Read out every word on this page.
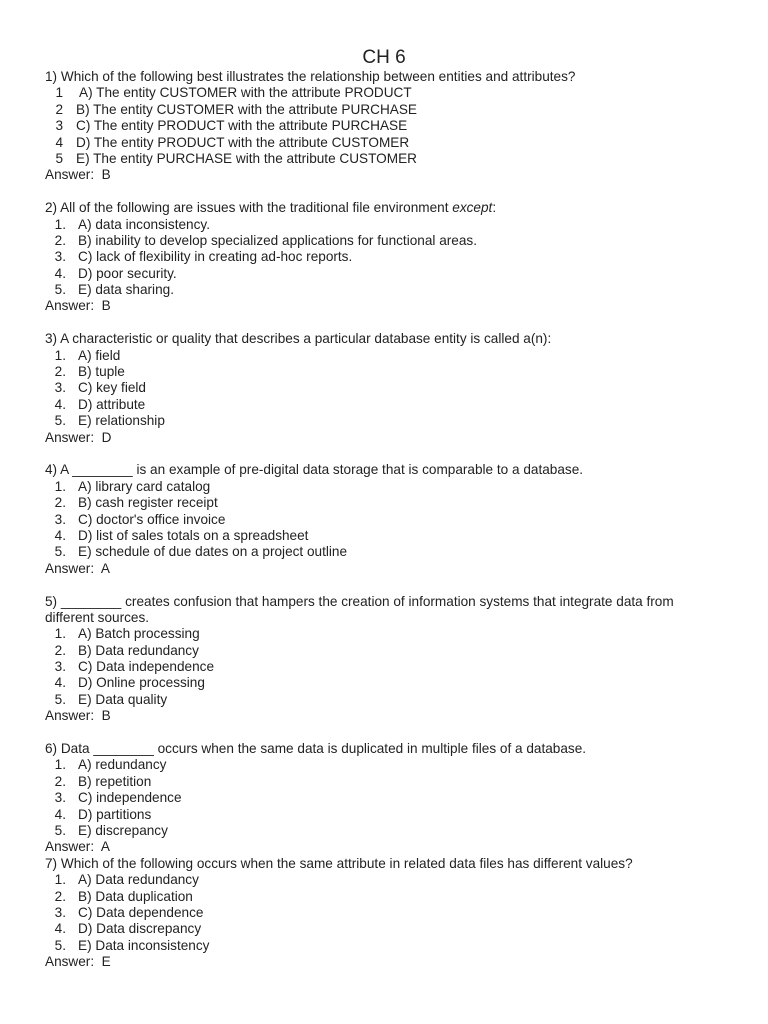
CH 6
1) Which of the following best illustrates the relationship between entities and attributes?
1 A) The entity CUSTOMER with the attribute PRODUCT
2 B) The entity CUSTOMER with the attribute PURCHASE
3 C) The entity PRODUCT with the attribute PURCHASE
4 D) The entity PRODUCT with the attribute CUSTOMER
5 E) The entity PURCHASE with the attribute CUSTOMER
Answer:  B
2) All of the following are issues with the traditional file environment except:
1. A) data inconsistency.
2. B) inability to develop specialized applications for functional areas.
3. C) lack of flexibility in creating ad-hoc reports.
4. D) poor security.
5. E) data sharing.
Answer:  B
3) A characteristic or quality that describes a particular database entity is called a(n):
1. A) field
2. B) tuple
3. C) key field
4. D) attribute
5. E) relationship
Answer:  D
4) A ________ is an example of pre-digital data storage that is comparable to a database.
1. A) library card catalog
2. B) cash register receipt
3. C) doctor's office invoice
4. D) list of sales totals on a spreadsheet
5. E) schedule of due dates on a project outline
Answer:  A
5) ________ creates confusion that hampers the creation of information systems that integrate data from different sources.
1. A) Batch processing
2. B) Data redundancy
3. C) Data independence
4. D) Online processing
5. E) Data quality
Answer:  B
6) Data ________ occurs when the same data is duplicated in multiple files of a database.
1. A) redundancy
2. B) repetition
3. C) independence
4. D) partitions
5. E) discrepancy
Answer:  A
7) Which of the following occurs when the same attribute in related data files has different values?
1. A) Data redundancy
2. B) Data duplication
3. C) Data dependence
4. D) Data discrepancy
5. E) Data inconsistency
Answer:  E
